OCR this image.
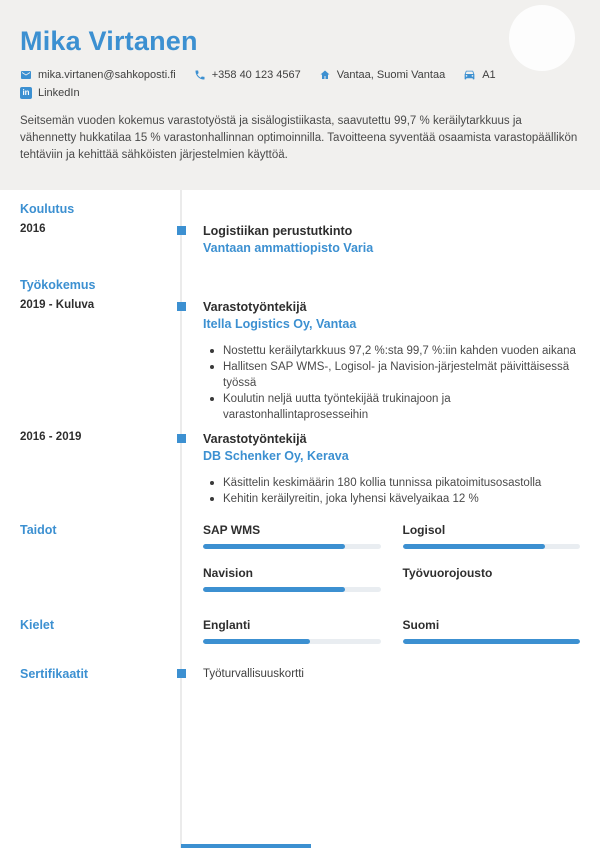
Mika Virtanen
mika.virtanen@sahkoposti.fi	+358 40 123 4567	Vantaa, Suomi Vantaa	A1
in LinkedIn
Seitsemän vuoden kokemus varastotyöstä ja sisälogistiikasta, saavutettu 99,7 % keräilytarkkuus ja vähennetty hukkatilaa 15 % varastonhallinnan optimoinnilla. Tavoitteena syventää osaamista varastopäällikön tehtäviin ja kehittää sähköisten järjestelmien käyttöä.
Koulutus
2016	Logistiikan perustutkinto
Vantaan ammattiopisto Varia
Työkokemus
2019 - Kuluva	Varastotyöntekijä
Itella Logistics Oy, Vantaa
Nostettu keräilytarkkuus 97,2 %:sta 99,7 %:iin kahden vuoden aikana
Hallitsen SAP WMS-, Logisol- ja Navision-järjestelmät päivittäisessä työssä
Koulutin neljä uutta työntekijää trukinajoon ja varastonhallintaprosesseihin
2016 - 2019	Varastotyöntekijä
DB Schenker Oy, Kerava
Käsittelin keskimäärin 180 kollia tunnissa pikatoimitusosastolla
Kehitin keräilyreitin, joka lyhensi kävelyaikaa 12 %
Taidot	SAP WMS	Logisol
Navision	Työvuorojousto
Kielet	Englanti	Suomi
Sertifikaatit	Työturvallisuuskortti
